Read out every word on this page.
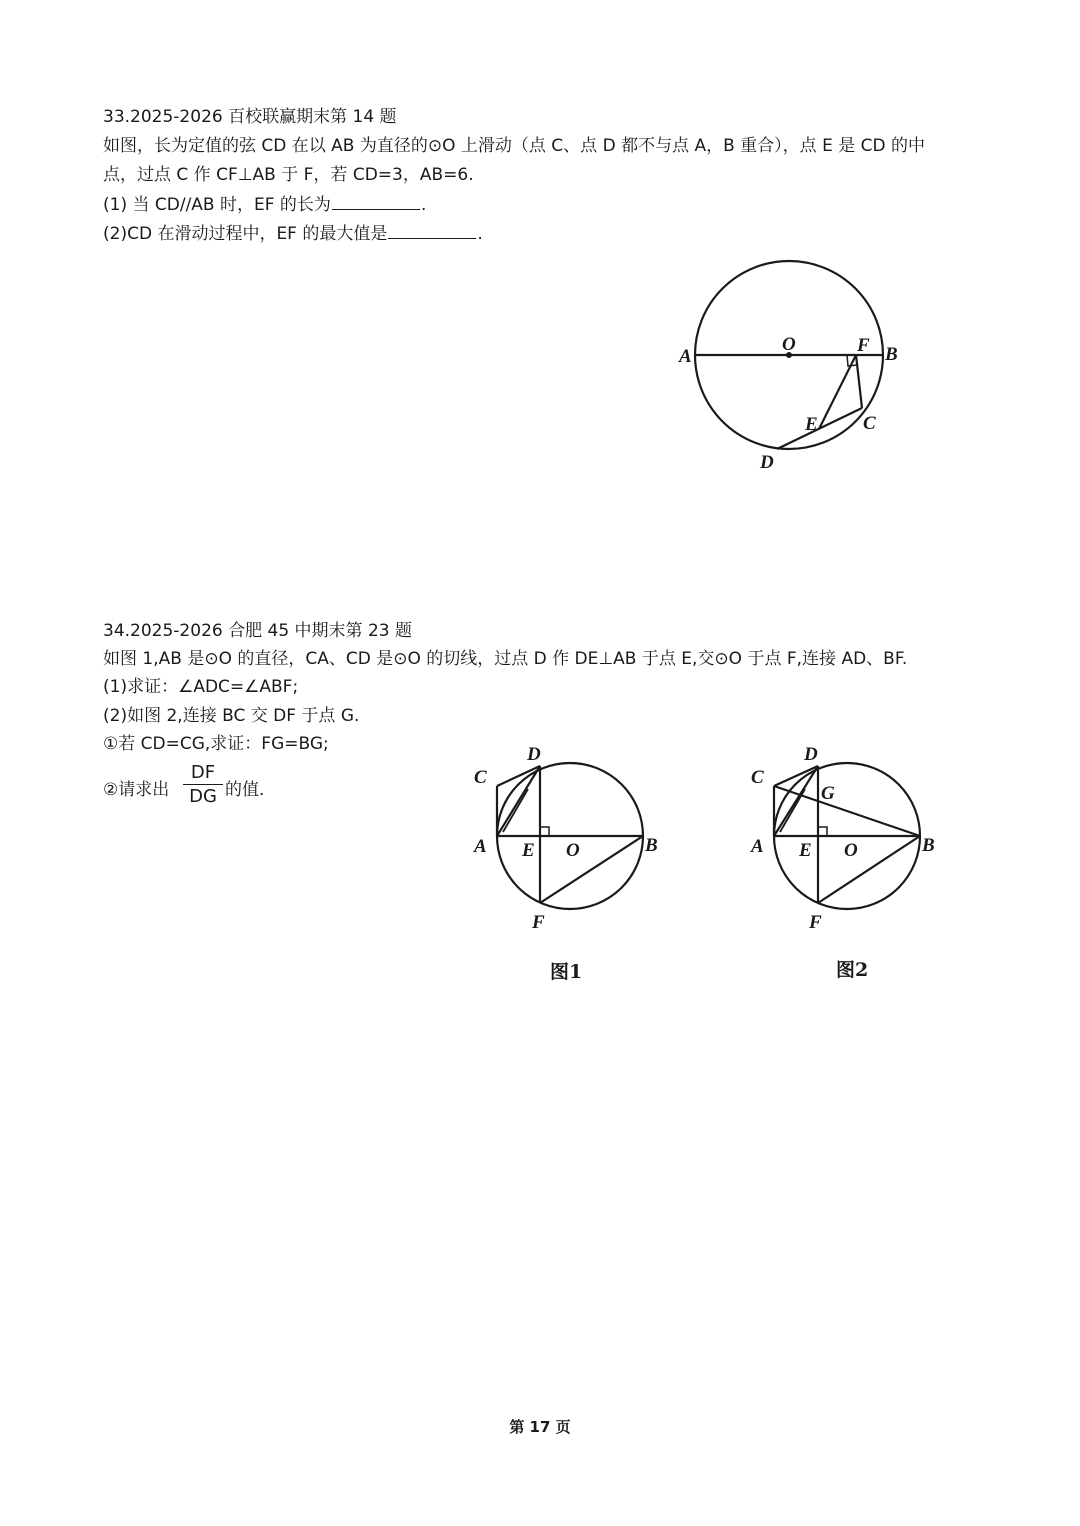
33.2025-2026 百校联赢期末第 14 题
如图，长为定值的弦 CD 在以 AB 为直径的⊙O 上滑动（点 C、点 D 都不与点 A，B 重合），点 E 是 CD 的中
点，过点 C 作 CF⊥AB 于 F，若 CD=3，AB=6.
(1) 当 CD//AB 时，EF 的长为	.
(2)CD 在滑动过程中，EF 的最大值是	.
34.2025-2026 合肥 45 中期末第 23 题
如图 1,AB 是⊙O 的直径，CA、CD 是⊙O 的切线，过点 D 作 DE⊥AB 于点 E,交⊙O 于点 F,连接 AD、BF.
(1)求证：∠ADC=∠ABF;
(2)如图 2,连接 BC 交 DF 于点 G.
①若 CD=CG,求证：FG=BG;
②请求出 $\frac{DF}{DG}$ 的值.
A
O	F B
E C
D
D
C
A E O	B
F
D
C
G
A E O	B
F
图1	图2
第 17 页
